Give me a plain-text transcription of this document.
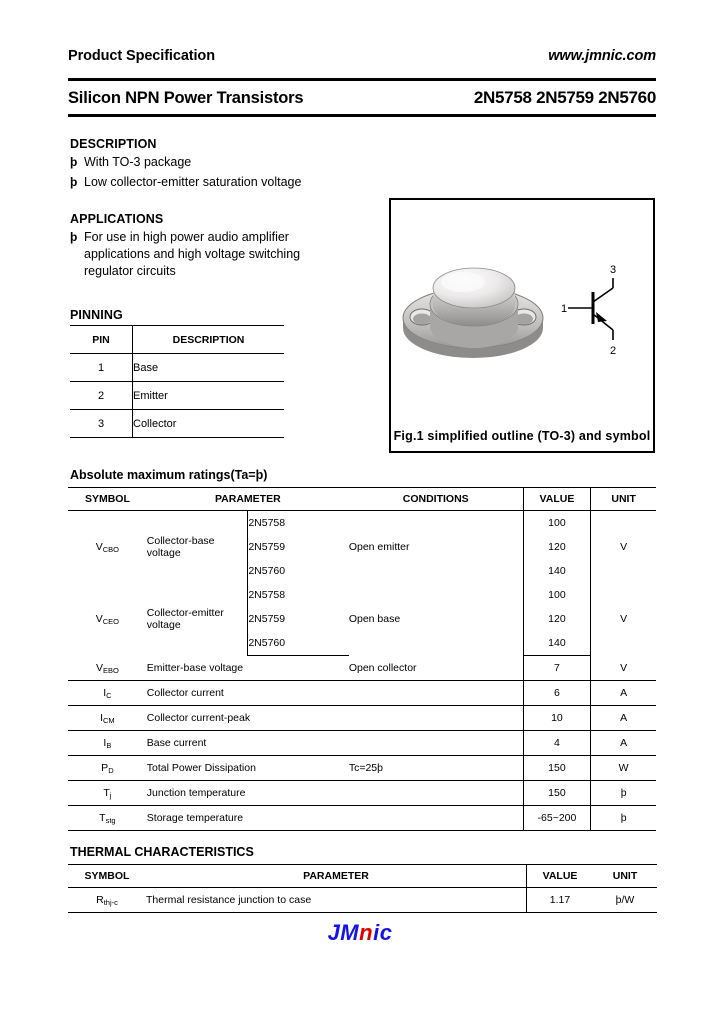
Product Specification	www.jmnic.com
Silicon NPN Power Transistors	2N5758 2N5759 2N5760
DESCRIPTION
þ With TO-3 package
þ Low collector-emitter saturation voltage
APPLICATIONS
þ For use in high power audio amplifier
applications and high voltage switching
regulator circuits
PINNING
PIN	DESCRIPTION
1	Base
2	Emitter
3	Collector
1
3
2
Fig.1 simplified outline (TO-3) and symbol
Absolute maximum ratings(Ta=þ)
SYMBOL	PARAMETER		CONDITIONS	VALUE	UNIT
$V_{CBO}$	Collector-base voltage	2N5758	Open emitter	100	V
		2N5759		120	
		2N5760		140	
$V_{CEO}$	Collector-emitter voltage	2N5758	Open base	100	V
		2N5759		120	
		2N5760		140	
$V_{EBO}$	Emitter-base voltage		Open collector	7	V
$I_C$	Collector current			6	A
$I_{CM}$	Collector current-peak			10	A
$I_B$	Base current			4	A
$P_D$	Total Power Dissipation		Tc=25þ	150	W
$T_j$	Junction temperature			150	þ
$T_{stg}$	Storage temperature			-65~200	þ
THERMAL CHARACTERISTICS
SYMBOL	PARAMETER	VALUE	UNIT
$R_{thj-c}$	Thermal resistance junction to case	1.17	þ/W
JMnic
